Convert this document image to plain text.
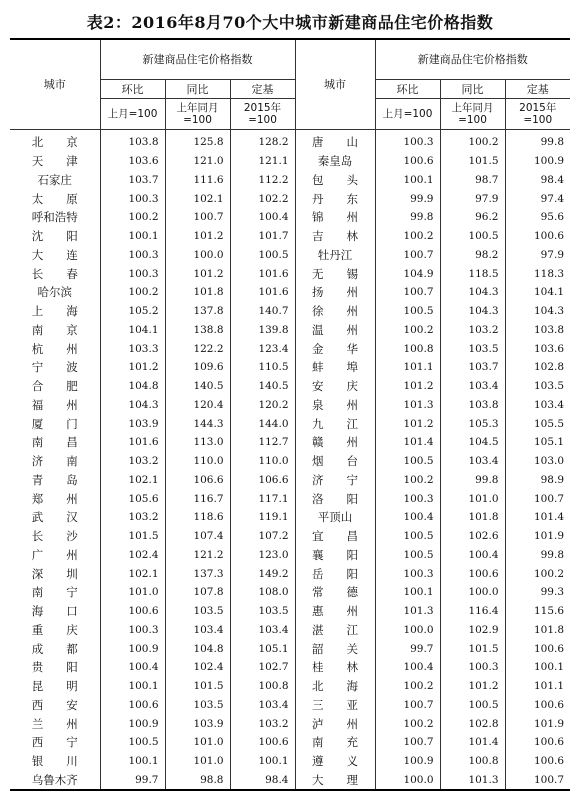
表2：2016年8月70个大中城市新建商品住宅价格指数
城市	新建商品住宅价格指数			城市	新建商品住宅价格指数		
	环比	同比	定基		环比	同比	定基
	上月=100	上年同月=100	2015年=100		上月=100	上年同月=100	2015年=100
北　　京	103.8	125.8	128.2	唐　　山	100.3	100.2	99.8
天　　津	103.6	121.0	121.1	秦皇岛	100.6	101.5	100.9
石家庄	103.7	111.6	112.2	包　　头	100.1	98.7	98.4
太　　原	100.3	102.1	102.2	丹　　东	99.9	97.9	97.4
呼和浩特	100.2	100.7	100.4	锦　　州	99.8	96.2	95.6
沈　　阳	100.1	101.2	101.7	吉　　林	100.2	100.5	100.6
大　　连	100.3	100.0	100.5	牡丹江	100.7	98.2	97.9
长　　春	100.3	101.2	101.6	无　　锡	104.9	118.5	118.3
哈尔滨	100.2	101.8	101.6	扬　　州	100.7	104.3	104.1
上　　海	105.2	137.8	140.7	徐　　州	100.5	104.3	104.3
南　　京	104.1	138.8	139.8	温　　州	100.2	103.2	103.8
杭　　州	103.3	122.2	123.4	金　　华	100.8	103.5	103.6
宁　　波	101.2	109.6	110.5	蚌　　埠	101.1	103.7	102.8
合　　肥	104.8	140.5	140.5	安　　庆	101.2	103.4	103.5
福　　州	104.3	120.4	120.2	泉　　州	101.3	103.8	103.4
厦　　门	103.9	144.3	144.0	九　　江	101.2	105.3	105.5
南　　昌	101.6	113.0	112.7	赣　　州	101.4	104.5	105.1
济　　南	103.2	110.0	110.0	烟　　台	100.5	103.4	103.0
青　　岛	102.1	106.6	106.6	济　　宁	100.2	99.8	98.9
郑　　州	105.6	116.7	117.1	洛　　阳	100.3	101.0	100.7
武　　汉	103.2	118.6	119.1	平顶山	100.4	101.8	101.4
长　　沙	101.5	107.4	107.2	宜　　昌	100.5	102.6	101.9
广　　州	102.4	121.2	123.0	襄　　阳	100.5	100.4	99.8
深　　圳	102.1	137.3	149.2	岳　　阳	100.3	100.6	100.2
南　　宁	101.0	107.8	108.0	常　　德	100.1	100.0	99.3
海　　口	100.6	103.5	103.5	惠　　州	101.3	116.4	115.6
重　　庆	100.3	103.4	103.4	湛　　江	100.0	102.9	101.8
成　　都	100.9	104.8	105.1	韶　　关	99.7	101.5	100.6
贵　　阳	100.4	102.4	102.7	桂　　林	100.4	100.3	100.1
昆　　明	100.1	101.5	100.8	北　　海	100.2	101.2	101.1
西　　安	100.6	103.5	103.4	三　　亚	100.7	100.5	100.6
兰　　州	100.9	103.9	103.2	泸　　州	100.2	102.8	101.9
西　　宁	100.5	101.0	100.6	南　　充	100.7	101.4	100.6
银　　川	100.1	101.0	100.1	遵　　义	100.9	100.8	100.6
乌鲁木齐	99.7	98.8	98.4	大　　理	100.0	101.3	100.7
